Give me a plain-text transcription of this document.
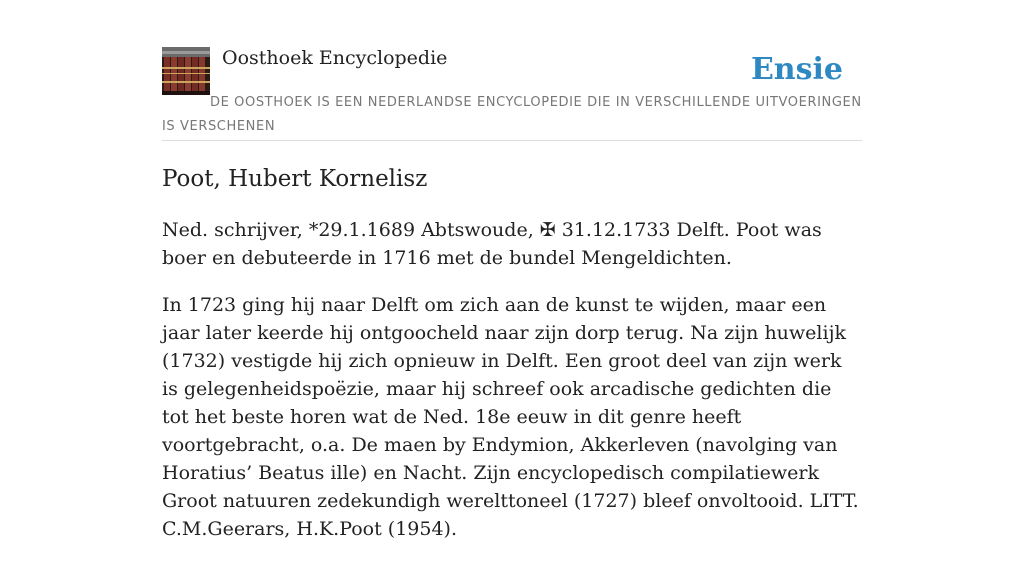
Oosthoek Encyclopedie	Ensie

DE OOSTHOEK IS EEN NEDERLANDSE ENCYCLOPEDIE DIE IN VERSCHILLENDE UITVOERINGEN IS VERSCHENEN

Poot, Hubert Kornelisz

Ned. schrijver, *29.1.1689 Abtswoude, ✠ 31.12.1733 Delft. Poot was boer en debuteerde in 1716 met de bundel Mengeldichten.

In 1723 ging hij naar Delft om zich aan de kunst te wijden, maar een jaar later keerde hij ontgoocheld naar zijn dorp terug. Na zijn huwelijk (1732) vestigde hij zich opnieuw in Delft. Een groot deel van zijn werk is gelegenheidspoëzie, maar hij schreef ook arcadische gedichten die tot het beste horen wat de Ned. 18e eeuw in dit genre heeft voortgebracht, o.a. De maen by Endymion, Akkerleven (navolging van Horatius’ Beatus ille) en Nacht. Zijn encyclopedisch compilatiewerk Groot natuuren zedekundigh werelttoneel (1727) bleef onvoltooid. LITT. C.M.Geerars, H.K.Poot (1954).
